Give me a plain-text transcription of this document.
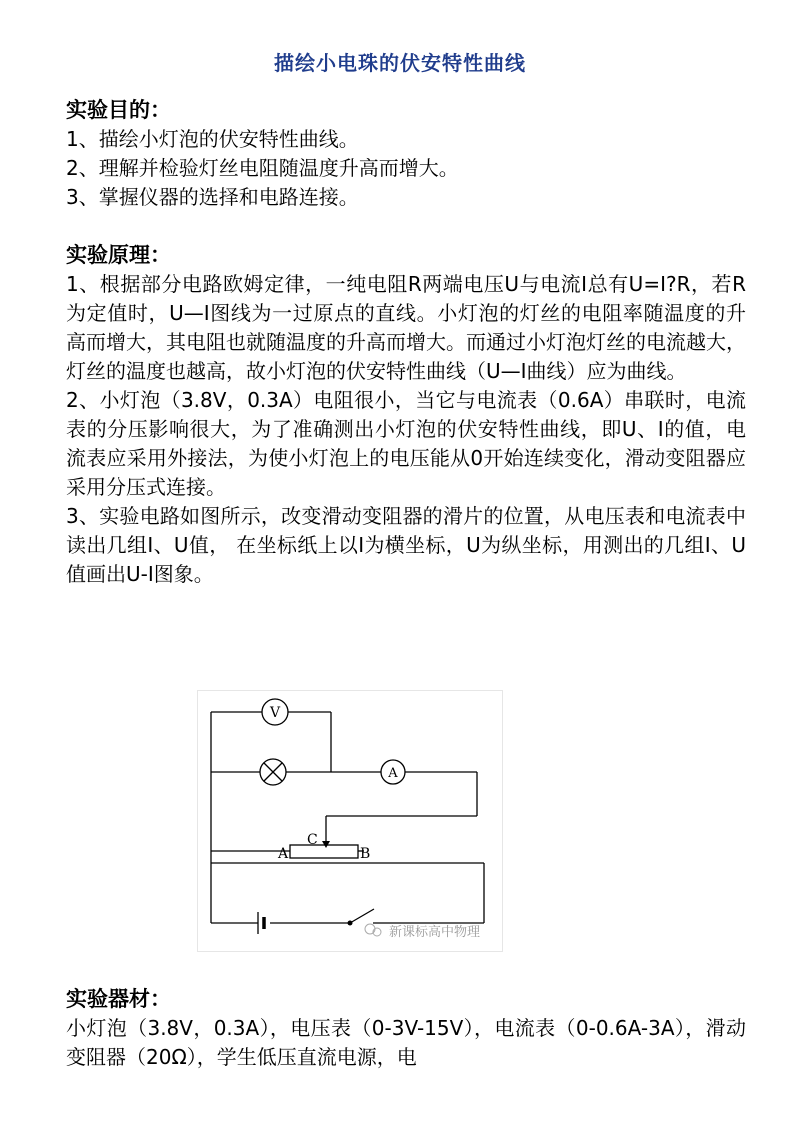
描绘小电珠的伏安特性曲线
实验目的：
1、描绘小灯泡的伏安特性曲线。
2、理解并检验灯丝电阻随温度升高而增大。
3、掌握仪器的选择和电路连接。
实验原理：
1、根据部分电路欧姆定律，一纯电阻R两端电压U与电流I总有U=I?R，若R为定值时，U—I图线为一过原点的直线。小灯泡的灯丝的电阻率随温度的升高而增大，其电阻也就随温度的升高而增大。而通过小灯泡灯丝的电流越大，灯丝的温度也越高，故小灯泡的伏安特性曲线（U—I曲线）应为曲线。
2、小灯泡（3.8V，0.3A）电阻很小，当它与电流表（0.6A）串联时，电流表的分压影响很大，为了准确测出小灯泡的伏安特性曲线，即U、I的值，电流表应采用外接法，为使小灯泡上的电压能从0开始连续变化，滑动变阻器应采用分压式连接。
3、实验电路如图所示，改变滑动变阻器的滑片的位置，从电压表和电流表中读出几组I、U值， 在坐标纸上以I为横坐标，U为纵坐标，用测出的几组I、U值画出U-I图象。
V
A
A	B
C
新课标高中物理
实验器材：
小灯泡（3.8V，0.3A），电压表（0-3V-15V），电流表（0-0.6A-3A），滑动变阻器（20Ω），学生低压直流电源，电
